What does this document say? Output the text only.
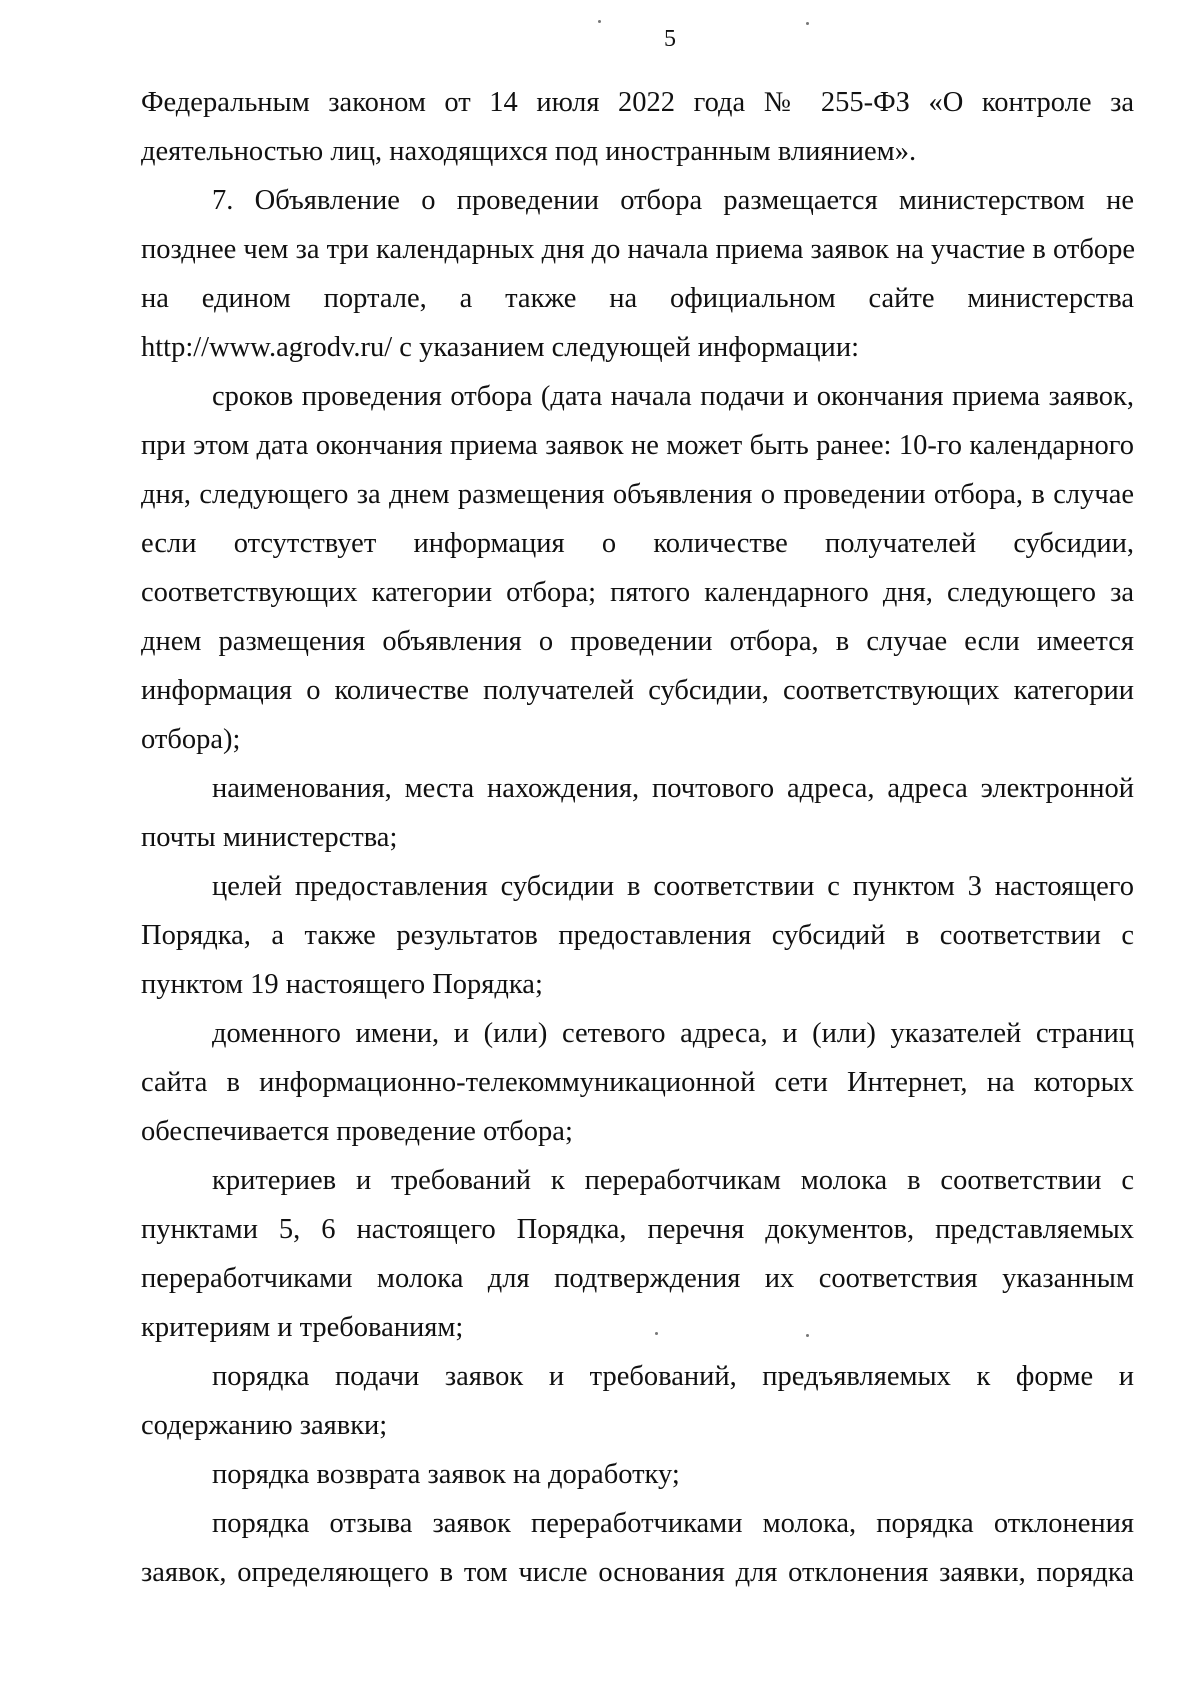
5
Федеральным законом от 14 июля 2022 года № 255-ФЗ «О контроле за
деятельностью лиц, находящихся под иностранным влиянием».
7. Объявление о проведении отбора размещается министерством не
позднее чем за три календарных дня до начала приема заявок на участие в отборе
на едином портале, а также на официальном сайте министерства
http://www.agrodv.ru/ с указанием следующей информации:
сроков проведения отбора (дата начала подачи и окончания приема заявок,
при этом дата окончания приема заявок не может быть ранее: 10-го календарного
дня, следующего за днем размещения объявления о проведении отбора, в случае
если отсутствует информация о количестве получателей субсидии,
соответствующих категории отбора; пятого календарного дня, следующего за
днем размещения объявления о проведении отбора, в случае если имеется
информация о количестве получателей субсидии, соответствующих категории
отбора);
наименования, места нахождения, почтового адреса, адреса электронной
почты министерства;
целей предоставления субсидии в соответствии с пунктом 3 настоящего
Порядка, а также результатов предоставления субсидий в соответствии с
пунктом 19 настоящего Порядка;
доменного имени, и (или) сетевого адреса, и (или) указателей страниц
сайта в информационно-телекоммуникационной сети Интернет, на которых
обеспечивается проведение отбора;
критериев и требований к переработчикам молока в соответствии с
пунктами 5, 6 настоящего Порядка, перечня документов, представляемых
переработчиками молока для подтверждения их соответствия указанным
критериям и требованиям;
порядка подачи заявок и требований, предъявляемых к форме и
содержанию заявки;
порядка возврата заявок на доработку;
порядка отзыва заявок переработчиками молока, порядка отклонения
заявок, определяющего в том числе основания для отклонения заявки, порядка
